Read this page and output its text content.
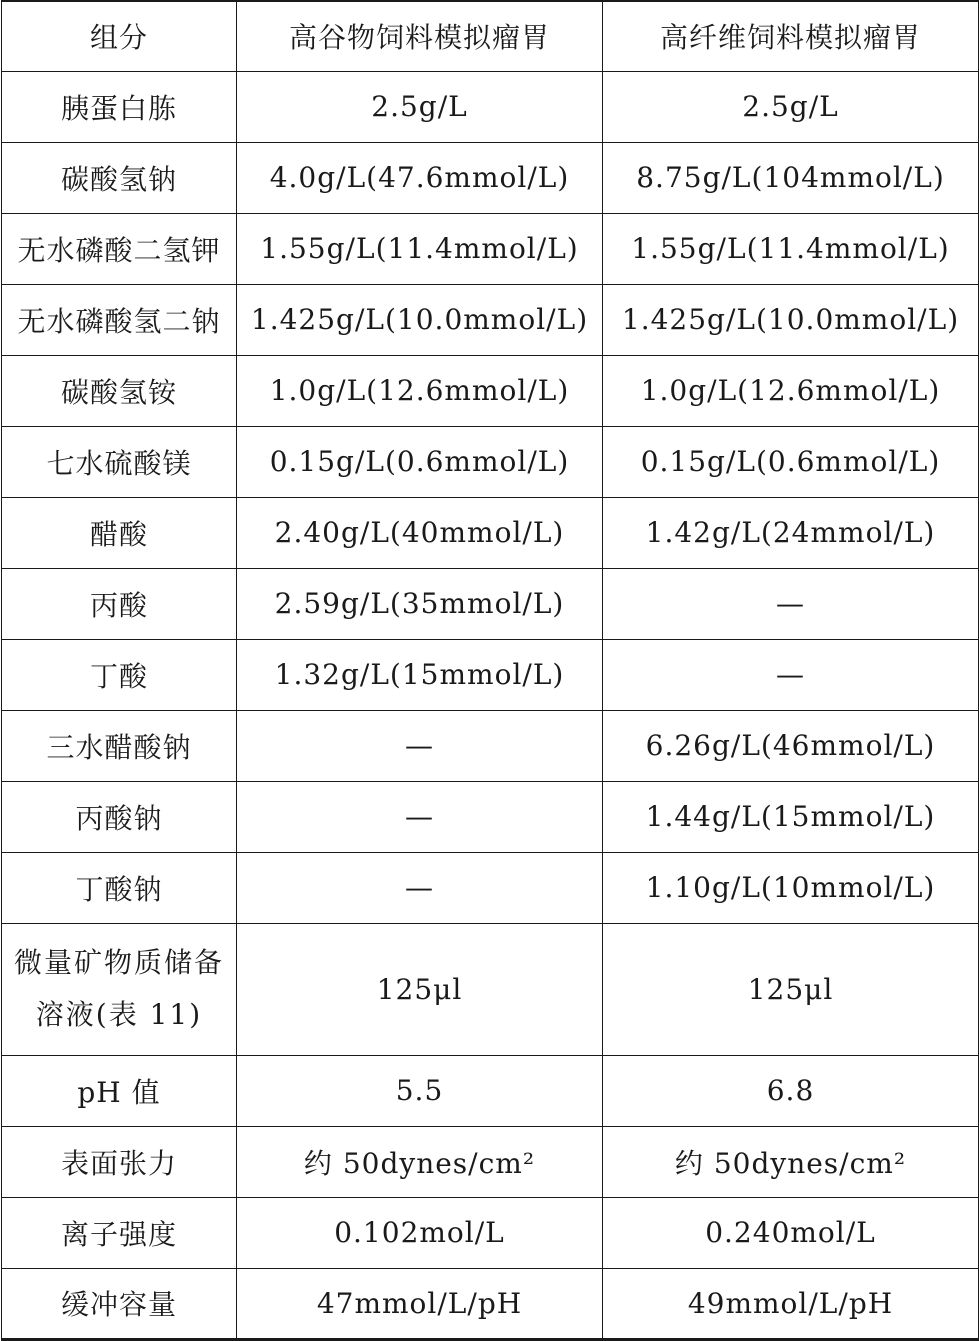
组分	高谷物饲料模拟瘤胃	高纤维饲料模拟瘤胃
胰蛋白胨	2.5g/L	2.5g/L
碳酸氢钠	4.0g/L(47.6mmol/L)	8.75g/L(104mmol/L)
无水磷酸二氢钾	1.55g/L(11.4mmol/L)	1.55g/L(11.4mmol/L)
无水磷酸氢二钠	1.425g/L(10.0mmol/L)	1.425g/L(10.0mmol/L)
碳酸氢铵	1.0g/L(12.6mmol/L)	1.0g/L(12.6mmol/L)
七水硫酸镁	0.15g/L(0.6mmol/L)	0.15g/L(0.6mmol/L)
醋酸	2.40g/L(40mmol/L)	1.42g/L(24mmol/L)
丙酸	2.59g/L(35mmol/L)	—
丁酸	1.32g/L(15mmol/L)	—
三水醋酸钠	—	6.26g/L(46mmol/L)
丙酸钠	—	1.44g/L(15mmol/L)
丁酸钠	—	1.10g/L(10mmol/L)
微量矿物质储备溶液(表 11)	125μl	125μl
pH 值	5.5	6.8
表面张力	约 50dynes/cm²	约 50dynes/cm²
离子强度	0.102mol/L	0.240mol/L
缓冲容量	47mmol/L/pH	49mmol/L/pH
